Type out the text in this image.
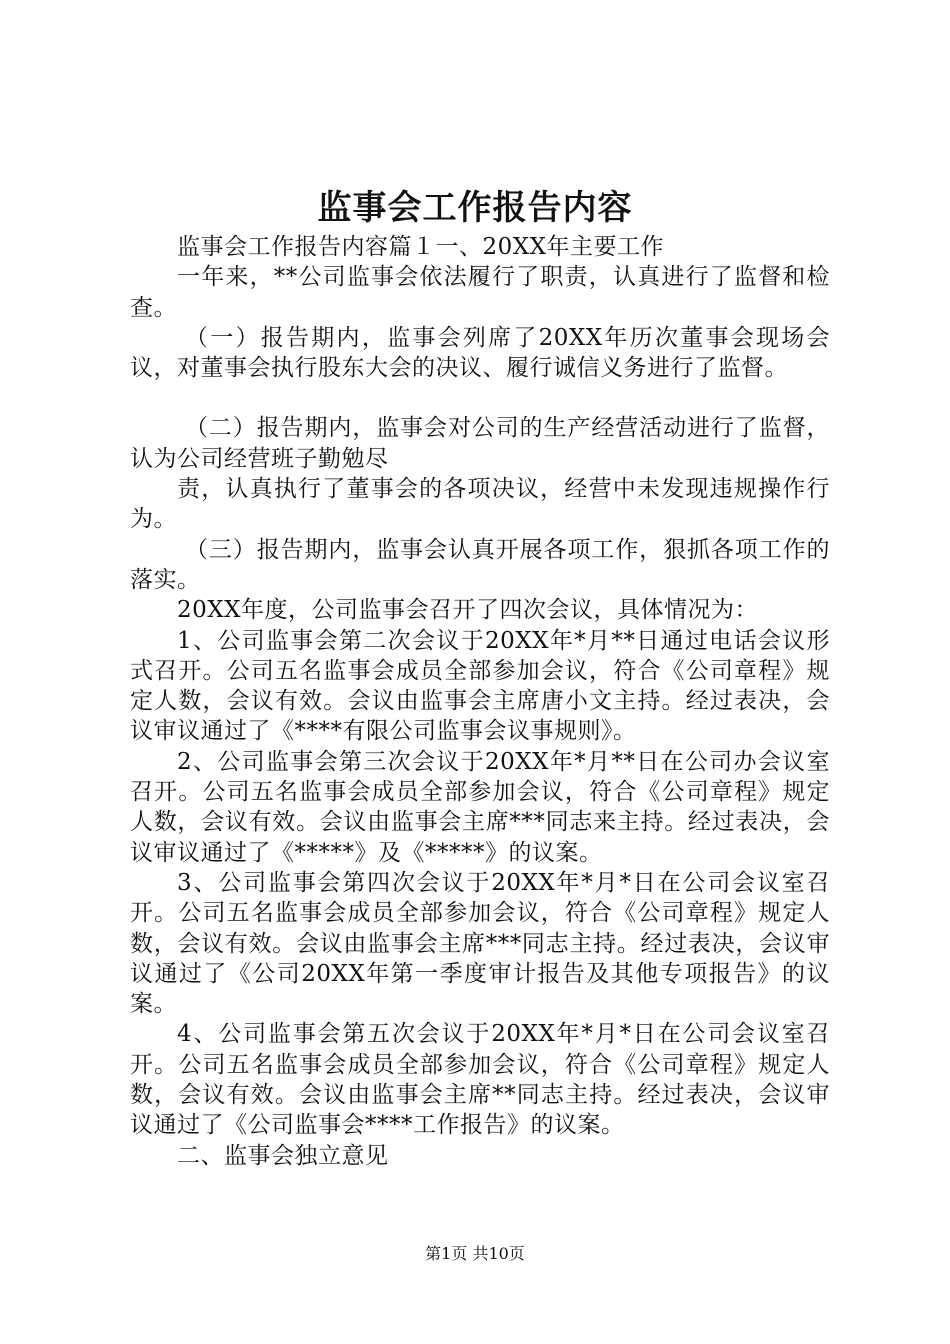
监事会工作报告内容

监事会工作报告内容篇１一、20XX年主要工作

一年来，**公司监事会依法履行了职责，认真进行了监督和检查。

（一）报告期内，监事会列席了20XX年历次董事会现场会议，对董事会执行股东大会的决议、履行诚信义务进行了监督。

（二）报告期内，监事会对公司的生产经营活动进行了监督，认为公司经营班子勤勉尽

责，认真执行了董事会的各项决议，经营中未发现违规操作行为。

（三）报告期内，监事会认真开展各项工作，狠抓各项工作的落实。

20XX年度，公司监事会召开了四次会议，具体情况为：

1、公司监事会第二次会议于20XX年*月**日通过电话会议形式召开。公司五名监事会成员全部参加会议，符合《公司章程》规定人数，会议有效。会议由监事会主席唐小文主持。经过表决，会议审议通过了《****有限公司监事会议事规则》。

2、公司监事会第三次会议于20XX年*月**日在公司办会议室召开。公司五名监事会成员全部参加会议，符合《公司章程》规定人数，会议有效。会议由监事会主席***同志来主持。经过表决，会议审议通过了《*****》及《*****》的议案。

3、公司监事会第四次会议于20XX年*月*日在公司会议室召开。公司五名监事会成员全部参加会议，符合《公司章程》规定人数，会议有效。会议由监事会主席***同志主持。经过表决，会议审议通过了《公司20XX年第一季度审计报告及其他专项报告》的议案。

4、公司监事会第五次会议于20XX年*月*日在公司会议室召开。公司五名监事会成员全部参加会议，符合《公司章程》规定人数，会议有效。会议由监事会主席**同志主持。经过表决，会议审议通过了《公司监事会****工作报告》的议案。

二、监事会独立意见

第1页 共10页
